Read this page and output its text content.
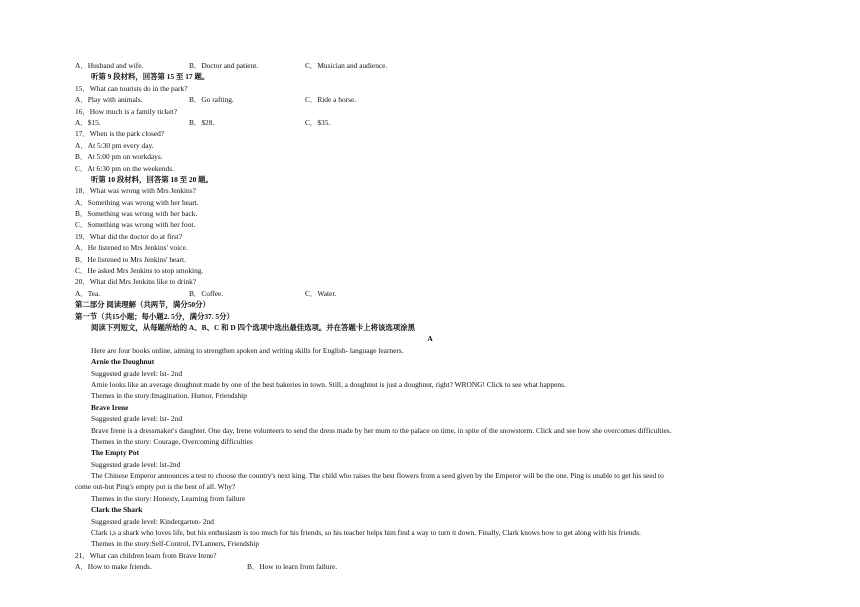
A．Husband and wife.	B．Doctor and patient.	C．Musician and audience.
听第 9 段材料，回答第 15 至 17 题。
15．What can tourists do in the park?
A．Play with animals.	B．Go rafting.	C．Ride a horse.
16．How much is a family ticket?
A．$15.	B．$28.	C．$35.
17．When is the park closed?
A．At 5:30 pm every day.
B．At 5:00 pm on workdays.
C．At 6:30 pm on the weekends.
听第 10 段材料，回答第 18 至 20 题。
18．What was wrong with Mrs Jenkins?
A．Something was wrong with her heart.
B．Something was wrong with her back.
C．Something was wrong with her foot.
19．What did the doctor do at first?
A．He listened to Mrs Jenkins' voice.
B．He listened to Mrs Jenkins' heart.
C．He asked Mrs Jenkins to stop smoking.
20．What did Mrs Jenkins like to drink?
A．Tea.	B．Coffee.	C．Water.
第二部分 阅读理解（共两节，满分50分）
第一节（共15小题；每小题2. 5分，满分37. 5分）
阅读下列短文，从每题所给的 A、B、C 和 D 四个选项中选出最佳选项。并在答题卡上将该选项涂黑
A
Here are four books online, aiming to strengthen spoken and writing skills for English- language learners.
Arnie the Doughnut
Suggested grade level: lst- 2nd
Arnie looks like an average doughnut made by one of the best bakeries in town. Still, a doughnut is just a doughnut, right? WRONG! Click to see what happens.
Themes in the story:Imagination, Humor, Friendship
Brave Irene
Suggested grade level: lst- 2nd
Brave Irene is a dressmaker's daughter. One day, Irene volunteers to send the dress made by her mum to the palace on time, in spite of the snowstorm. Click and see how she overcomes difficulties.
Themes in the story: Courage, Overcoming difficulties
The Empty Pot
Suggested grade level: lst-2nd
The Chinese Emperor announces a test to choose the country's next king. The child who raises the best flowers from a seed given by the Emperor will be the one. Ping is unable to get his seed to
come out-but Ping's empty pot is the best of all. Why?
Themes in the story: Honesty, Learning from failure
Clark the Shark
Suggested grade level: Kindergarten- 2nd
Clark i,s a shark who loves life, but his enthusiasm is too much for his friends, so his teacher helps him find a way to turn it down. Finally, Clark knows how to get along with his friends.
Themes in the story:Self-Control, IVLanners, Friendship
21．What can children learn from Brave Irene?
A．How to make friends.	B．How to learn from failure.
